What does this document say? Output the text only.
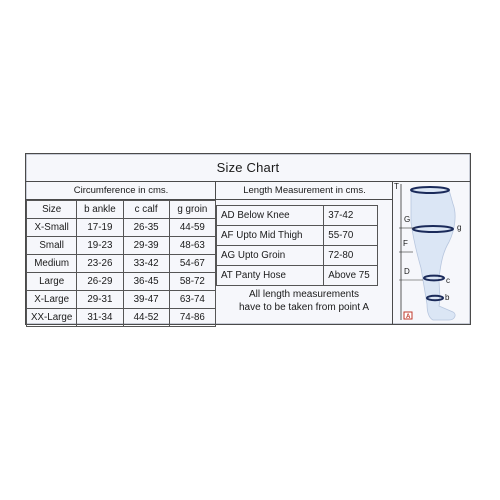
Size Chart
Circumference in cms.
Size	b ankle	c calf	g groin
X-Small	17-19	26-35	44-59
Small	19-23	29-39	48-63
Medium	23-26	33-42	54-67
Large	26-29	36-45	58-72
X-Large	29-31	39-47	63-74
XX-Large	31-34	44-52	74-86
Length Measurement in cms.
AD Below Knee	37-42
AF Upto Mid Thigh	55-70
AG Upto Groin	72-80
AT Panty Hose	Above 75
All length measurements
have to be taken from point A
T
G
g
F
D
c
b
A
